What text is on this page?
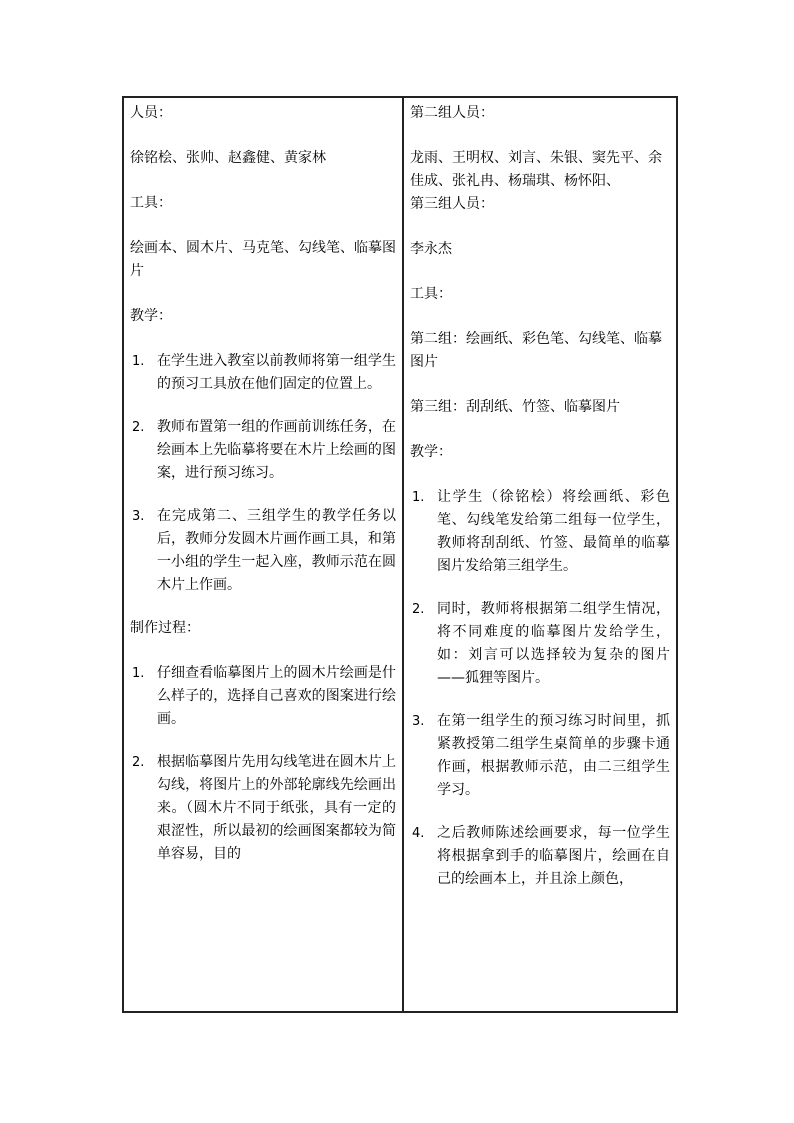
人员：

徐铭桧、张帅、赵鑫健、黄家林

工具：

绘画本、圆木片、马克笔、勾线笔、临摹图片

教学：

1. 在学生进入教室以前教师将第一组学生的预习工具放在他们固定的位置上。
2. 教师布置第一组的作画前训练任务，在绘画本上先临摹将要在木片上绘画的图案，进行预习练习。
3. 在完成第二、三组学生的教学任务以后，教师分发圆木片画作画工具，和第一小组的学生一起入座，教师示范在圆木片上作画。

制作过程：

1. 仔细查看临摹图片上的圆木片绘画是什么样子的，选择自己喜欢的图案进行绘画。
2. 根据临摹图片先用勾线笔进在圆木片上勾线，将图片上的外部轮廓线先绘画出来。（圆木片不同于纸张，具有一定的艰涩性，所以最初的绘画图案都较为简单容易，目的

第二组人员：

龙雨、王明权、刘言、朱银、窦先平、余佳成、张礼冉、杨瑞琪、杨怀阳、

第三组人员：

李永杰

工具：

第二组：绘画纸、彩色笔、勾线笔、临摹图片

第三组：刮刮纸、竹签、临摹图片

教学：

1. 让学生（徐铭桧）将绘画纸、彩色笔、勾线笔发给第二组每一位学生，教师将刮刮纸、竹签、最简单的临摹图片发给第三组学生。
2. 同时，教师将根据第二组学生情况，将不同难度的临摹图片发给学生，如：刘言可以选择较为复杂的图片——狐狸等图片。
3. 在第一组学生的预习练习时间里，抓紧教授第二组学生桌简单的步骤卡通作画，根据教师示范，由二三组学生学习。
4. 之后教师陈述绘画要求，每一位学生将根据拿到手的临摹图片，绘画在自己的绘画本上，并且涂上颜色，
